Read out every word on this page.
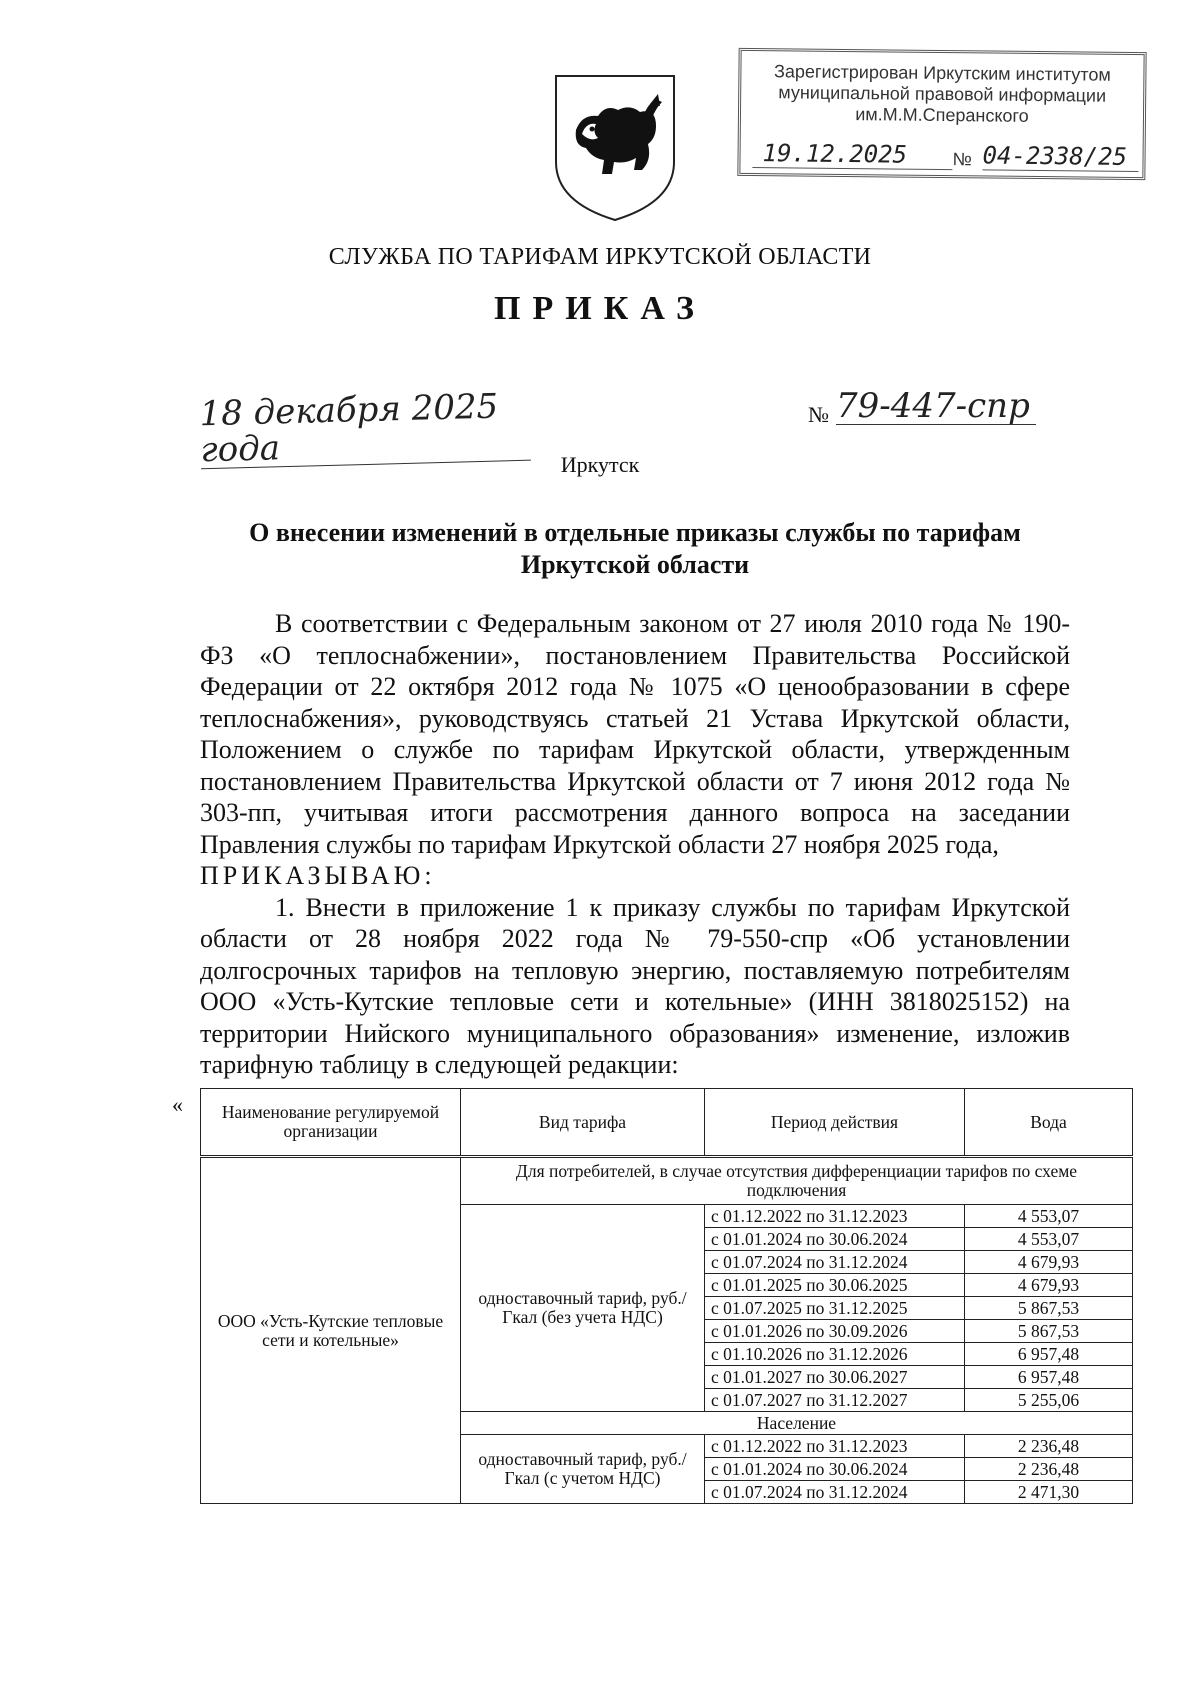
Зарегистрирован Иркутским институтом
муниципальной правовой информации
им.М.М.Сперанского
19.12.2025	№ 04-2338/25
СЛУЖБА ПО ТАРИФАМ ИРКУТСКОЙ ОБЛАСТИ
ПРИКАЗ
18 декабря 2025 года
№ 79-447-спр
Иркутск
О внесении изменений в отдельные приказы службы по тарифам Иркутской области

В соответствии с Федеральным законом от 27 июля 2010 года № 190-ФЗ «О теплоснабжении», постановлением Правительства Российской Федерации от 22 октября 2012 года № 1075 «О ценообразовании в сфере теплоснабжения», руководствуясь статьей 21 Устава Иркутской области, Положением о службе по тарифам Иркутской области, утвержденным постановлением Правительства Иркутской области от 7 июня 2012 года № 303-пп, учитывая итоги рассмотрения данного вопроса на заседании Правления службы по тарифам Иркутской области 27 ноября 2025 года,

ПРИКАЗЫВАЮ:

1. Внести в приложение 1 к приказу службы по тарифам Иркутской области от 28 ноября 2022 года № 79-550-спр «Об установлении долгосрочных тарифов на тепловую энергию, поставляемую потребителям ООО «Усть-Кутские тепловые сети и котельные» (ИНН 3818025152) на территории Нийского муниципального образования» изменение, изложив тарифную таблицу в следующей редакции:

« Наименование регулируемой организации	Вид тарифа	Период действия	Вода
ООО «Усть-Кутские тепловые сети и котельные»	Для потребителей, в случае отсутствия дифференциации тарифов по схеме подключения		
	одноставочный тариф, руб./Гкал (без учета НДС)	с 01.12.2022 по 31.12.2023	4 553,07
		с 01.01.2024 по 30.06.2024	4 553,07
		с 01.07.2024 по 31.12.2024	4 679,93
		с 01.01.2025 по 30.06.2025	4 679,93
		с 01.07.2025 по 31.12.2025	5 867,53
		с 01.01.2026 по 30.09.2026	5 867,53
		с 01.10.2026 по 31.12.2026	6 957,48
		с 01.01.2027 по 30.06.2027	6 957,48
		с 01.07.2027 по 31.12.2027	5 255,06
	Население		
	одноставочный тариф, руб./Гкал (с учетом НДС)	с 01.12.2022 по 31.12.2023	2 236,48
		с 01.01.2024 по 30.06.2024	2 236,48
		с 01.07.2024 по 31.12.2024	2 471,30
